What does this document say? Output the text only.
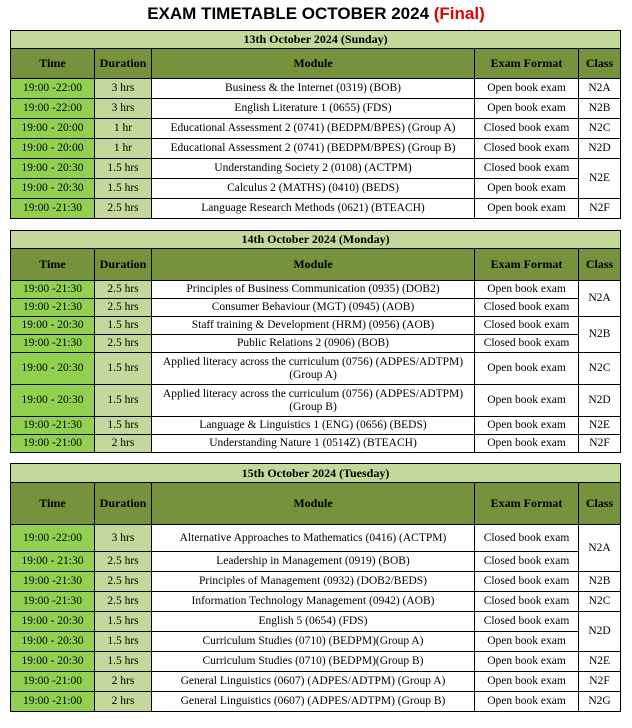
EXAM TIMETABLE OCTOBER 2024 (Final)
13th October 2024 (Sunday)				
Time	Duration	Module	Exam Format	Class
19:00 -22:00	3 hrs	Business & the Internet (0319) (BOB)	Open book exam	N2A
19:00 -22:00	3 hrs	English Literature 1 (0655) (FDS)	Open book exam	N2B
19:00 - 20:00	1 hr	Educational Assessment 2 (0741) (BEDPM/BPES) (Group A)	Closed book exam	N2C
19:00 - 20:00	1 hr	Educational Assessment 2 (0741) (BEDPM/BPES) (Group B)	Closed book exam	N2D
19:00 - 20:30	1.5 hrs	Understanding Society 2 (0108) (ACTPM)	Closed book exam	N2E
19:00 - 20:30	1.5 hrs	Calculus 2 (MATHS) (0410) (BEDS)	Open book exam	
19:00 -21:30	2.5 hrs	Language Research Methods (0621) (BTEACH)	Open book exam	N2F
14th October 2024 (Monday)				
Time	Duration	Module	Exam Format	Class
19:00 -21:30	2.5 hrs	Principles of Business Communication (0935) (DOB2)	Open book exam	N2A
19:00 -21:30	2.5 hrs	Consumer Behaviour (MGT) (0945) (AOB)	Closed book exam	
19:00 - 20:30	1.5 hrs	Staff training & Development (HRM) (0956) (AOB)	Closed book exam	N2B
19:00 -21:30	2.5 hrs	Public Relations 2 (0906) (BOB)	Closed book exam	
19:00 - 20:30	1.5 hrs	Applied literacy across the curriculum (0756) (ADPES/ADTPM) (Group A)	Open book exam	N2C
19:00 - 20:30	1.5 hrs	Applied literacy across the curriculum (0756) (ADPES/ADTPM) (Group B)	Open book exam	N2D
19:00 -21:30	1.5 hrs	Language & Linguistics 1 (ENG) (0656) (BEDS)	Open book exam	N2E
19:00 -21:00	2 hrs	Understanding Nature 1 (0514Z) (BTEACH)	Open book exam	N2F
15th October 2024 (Tuesday)				
Time	Duration	Module	Exam Format	Class
19:00 -22:00	3 hrs	Alternative Approaches to Mathematics (0416) (ACTPM)	Closed book exam	N2A
19:00 - 21:30	2.5 hrs	Leadership in Management (0919) (BOB)	Closed book exam	
19:00 -21:30	2.5 hrs	Principles of Management (0932) (DOB2/BEDS)	Closed book exam	N2B
19:00 -21:30	2.5 hrs	Information Technology Management (0942) (AOB)	Closed book exam	N2C
19:00 - 20:30	1.5 hrs	English 5 (0654) (FDS)	Closed book exam	N2D
19:00 - 20:30	1.5 hrs	Curriculum Studies (0710) (BEDPM)(Group A)	Open book exam	
19:00 - 20:30	1.5 hrs	Curriculum Studies (0710) (BEDPM)(Group B)	Open book exam	N2E
19:00 -21:00	2 hrs	General Linguistics (0607) (ADPES/ADTPM) (Group A)	Open book exam	N2F
19:00 -21:00	2 hrs	General Linguistics (0607) (ADPES/ADTPM) (Group B)	Open book exam	N2G
